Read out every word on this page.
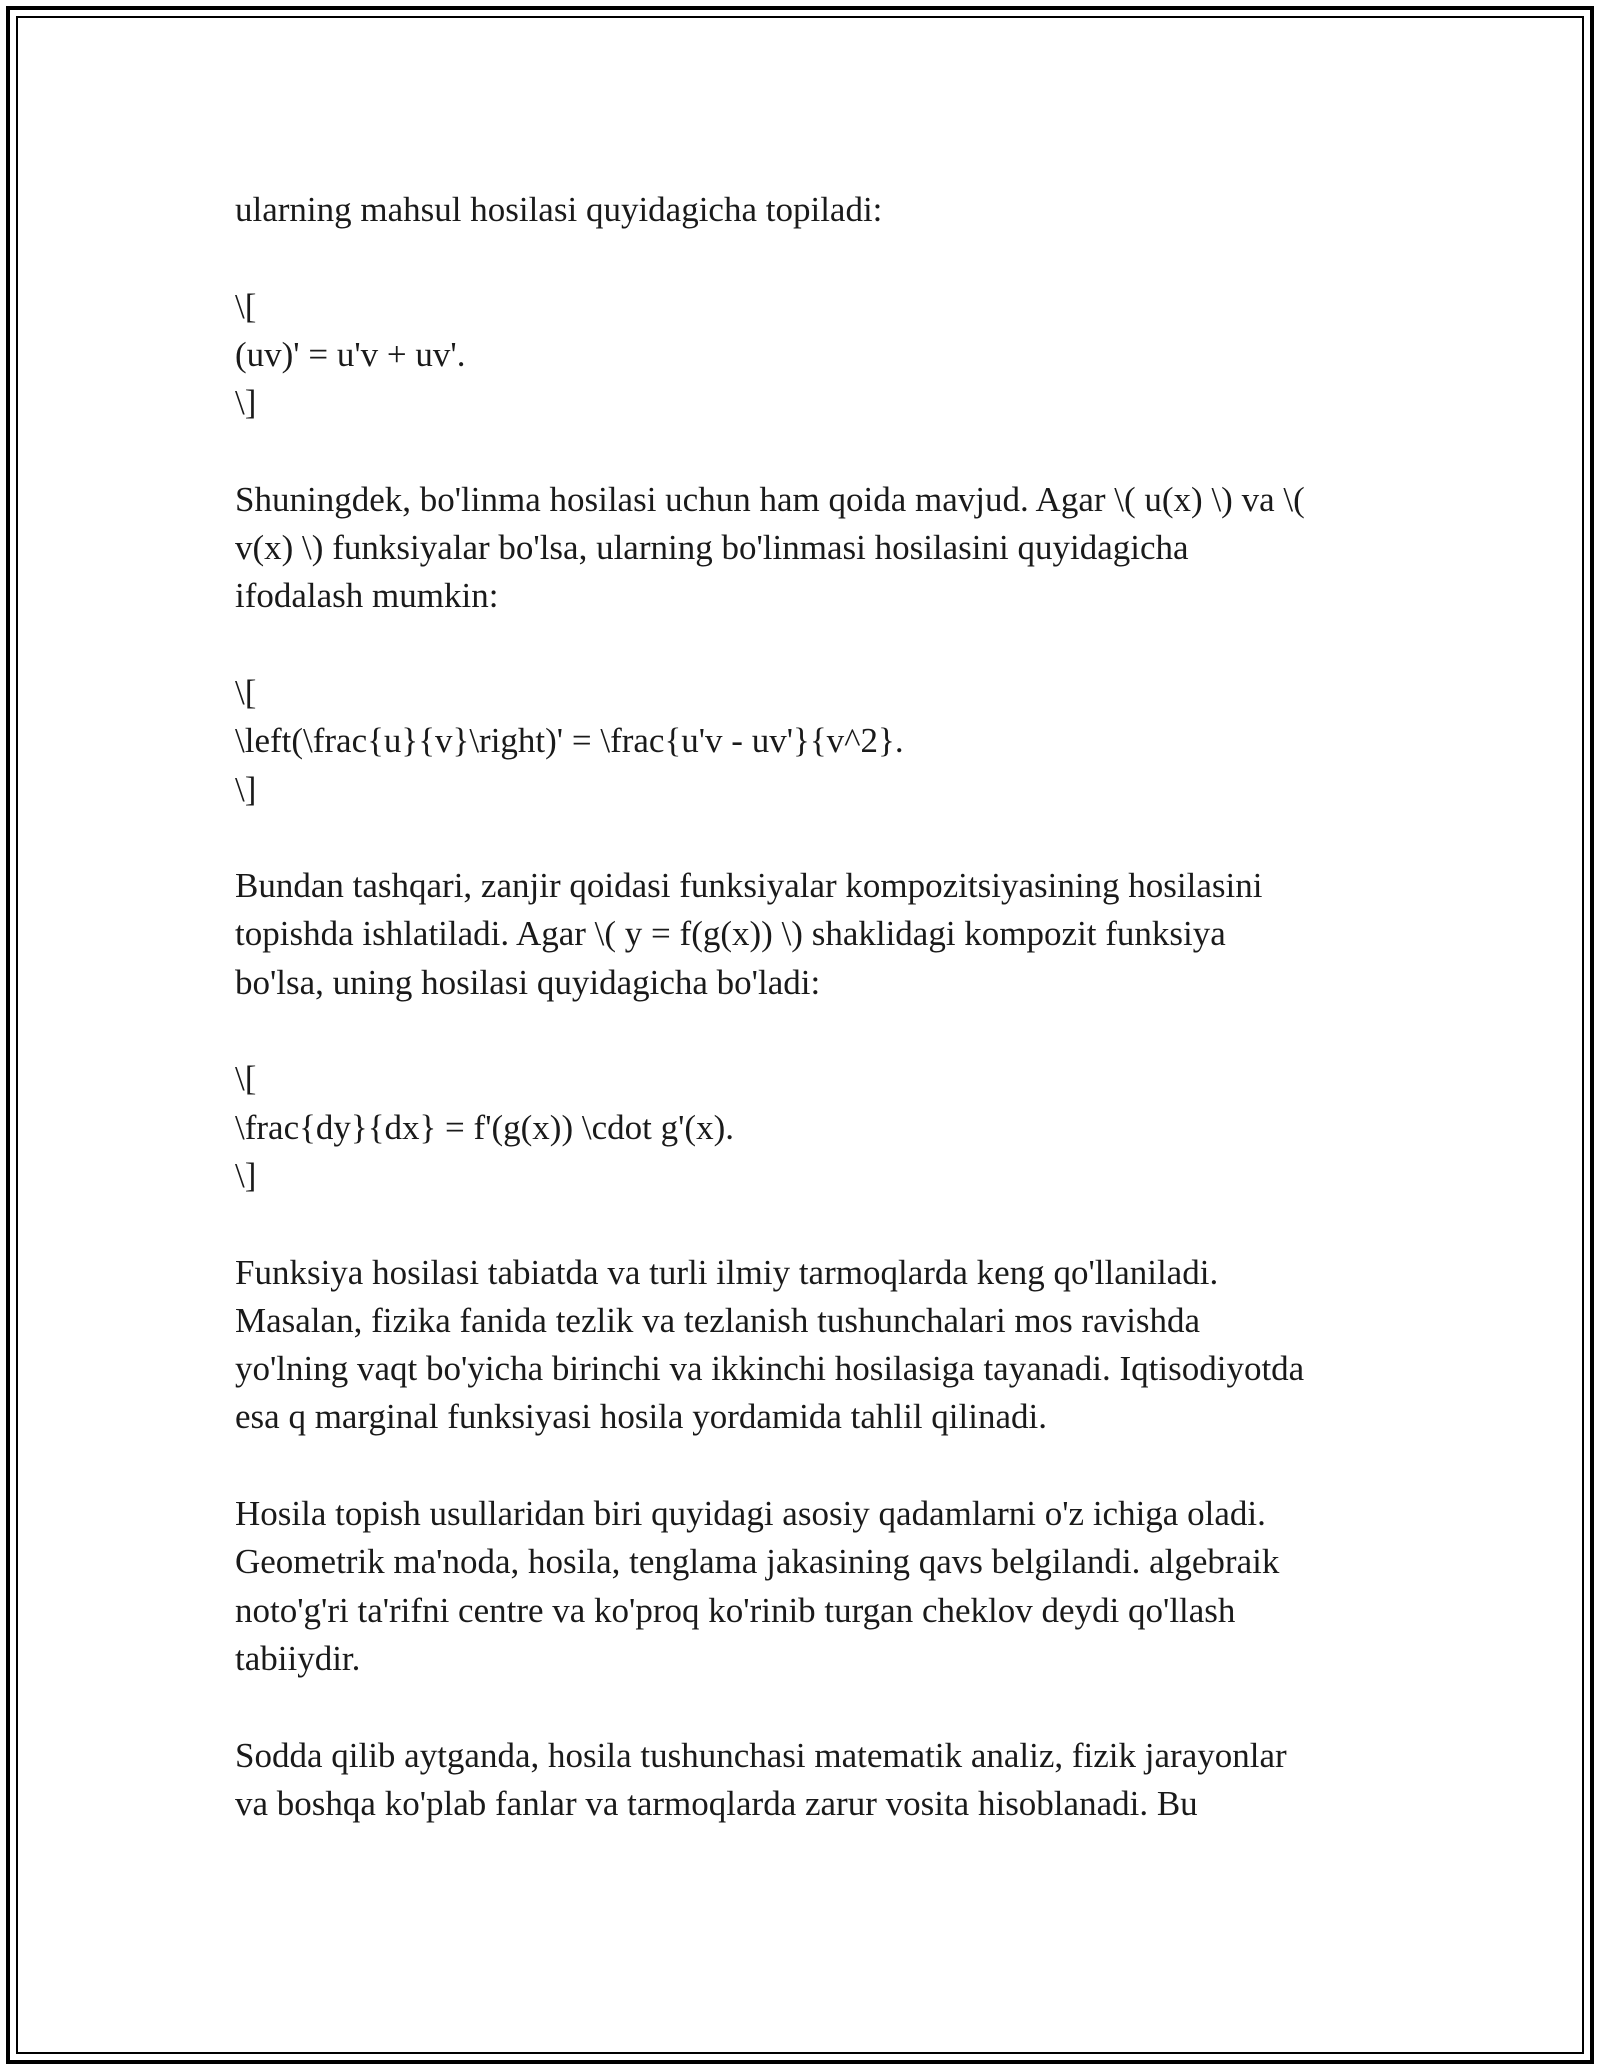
ularning mahsul hosilasi quyidagicha topiladi:
\[
(uv)' = u'v + uv'.
\]
Shuningdek, bo'linma hosilasi uchun ham qoida mavjud. Agar \( u(x) \) va \(
v(x) \) funksiyalar bo'lsa, ularning bo'linmasi hosilasini quyidagicha
ifodalash mumkin:
\[
\left(\frac{u}{v}\right)' = \frac{u'v - uv'}{v^2}.
\]
Bundan tashqari, zanjir qoidasi funksiyalar kompozitsiyasining hosilasini
topishda ishlatiladi. Agar \( y = f(g(x)) \) shaklidagi kompozit funksiya
bo'lsa, uning hosilasi quyidagicha bo'ladi:
\[
\frac{dy}{dx} = f'(g(x)) \cdot g'(x).
\]
Funksiya hosilasi tabiatda va turli ilmiy tarmoqlarda keng qo'llaniladi.
Masalan, fizika fanida tezlik va tezlanish tushunchalari mos ravishda
yo'lning vaqt bo'yicha birinchi va ikkinchi hosilasiga tayanadi. Iqtisodiyotda
esa q marginal funksiyasi hosila yordamida tahlil qilinadi.
Hosila topish usullaridan biri quyidagi asosiy qadamlarni o'z ichiga oladi.
Geometrik ma'noda, hosila, tenglama jakasining qavs belgilandi. algebraik
noto'g'ri ta'rifni centre va ko'proq ko'rinib turgan cheklov deydi qo'llash
tabiiydir.
Sodda qilib aytganda, hosila tushunchasi matematik analiz, fizik jarayonlar
va boshqa ko'plab fanlar va tarmoqlarda zarur vosita hisoblanadi. Bu
